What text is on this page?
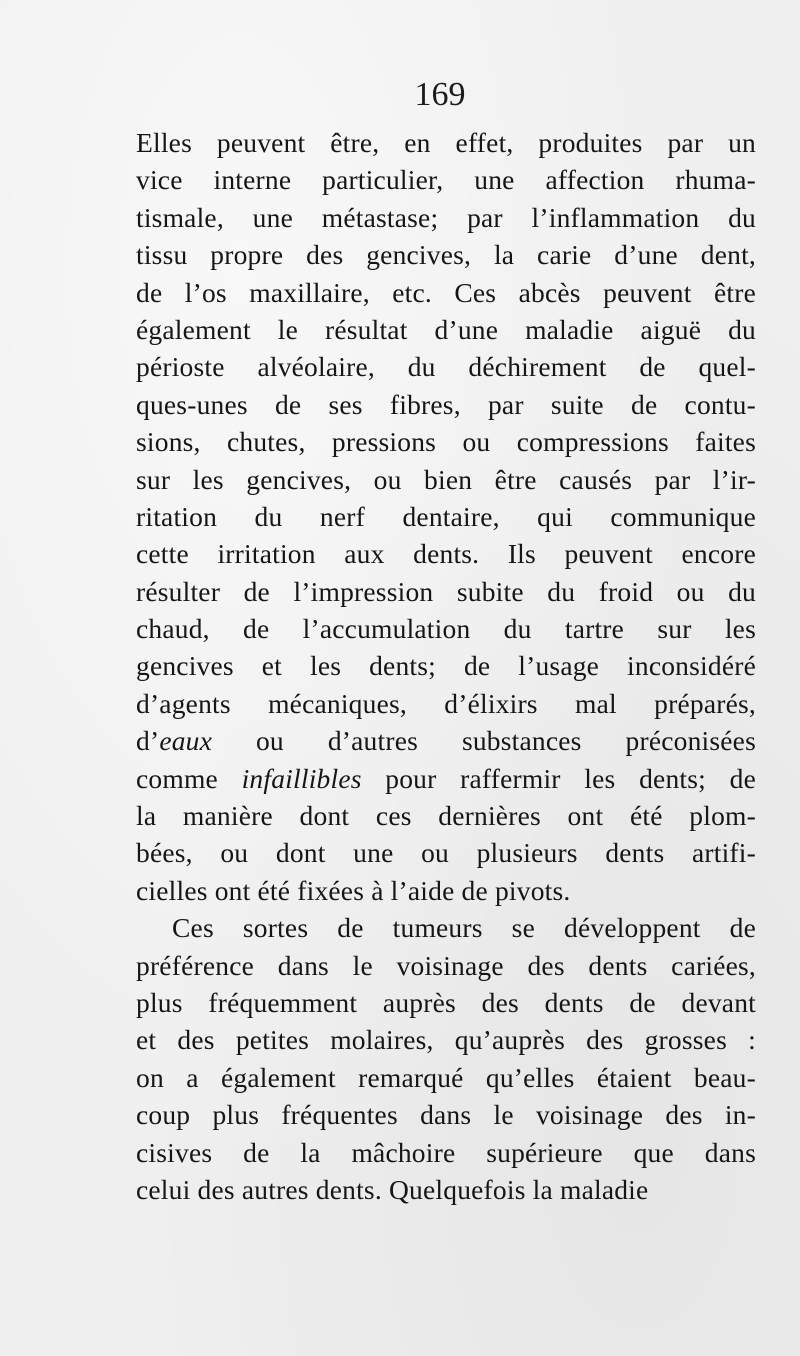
169
Elles peuvent être, en effet, produites par un
vice interne particulier, une affection rhuma-
tismale, une métastase; par l’inflammation du
tissu propre des gencives, la carie d’une dent,
de l’os maxillaire, etc. Ces abcès peuvent être
également le résultat d’une maladie aiguë du
périoste alvéolaire, du déchirement de quel-
ques-unes de ses fibres, par suite de contu-
sions, chutes, pressions ou compressions faites
sur les gencives, ou bien être causés par l’ir-
ritation du nerf dentaire, qui communique
cette irritation aux dents. Ils peuvent encore
résulter de l’impression subite du froid ou du
chaud, de l’accumulation du tartre sur les
gencives et les dents; de l’usage inconsidéré
d’agents mécaniques, d’élixirs mal préparés,
d’eaux ou d’autres substances préconisées
comme infaillibles pour raffermir les dents; de
la manière dont ces dernières ont été plom-
bées, ou dont une ou plusieurs dents artifi-
cielles ont été fixées à l’aide de pivots.
Ces sortes de tumeurs se développent de
préférence dans le voisinage des dents cariées,
plus fréquemment auprès des dents de devant
et des petites molaires, qu’auprès des grosses :
on a également remarqué qu’elles étaient beau-
coup plus fréquentes dans le voisinage des in-
cisives de la mâchoire supérieure que dans
celui des autres dents. Quelquefois la maladie
